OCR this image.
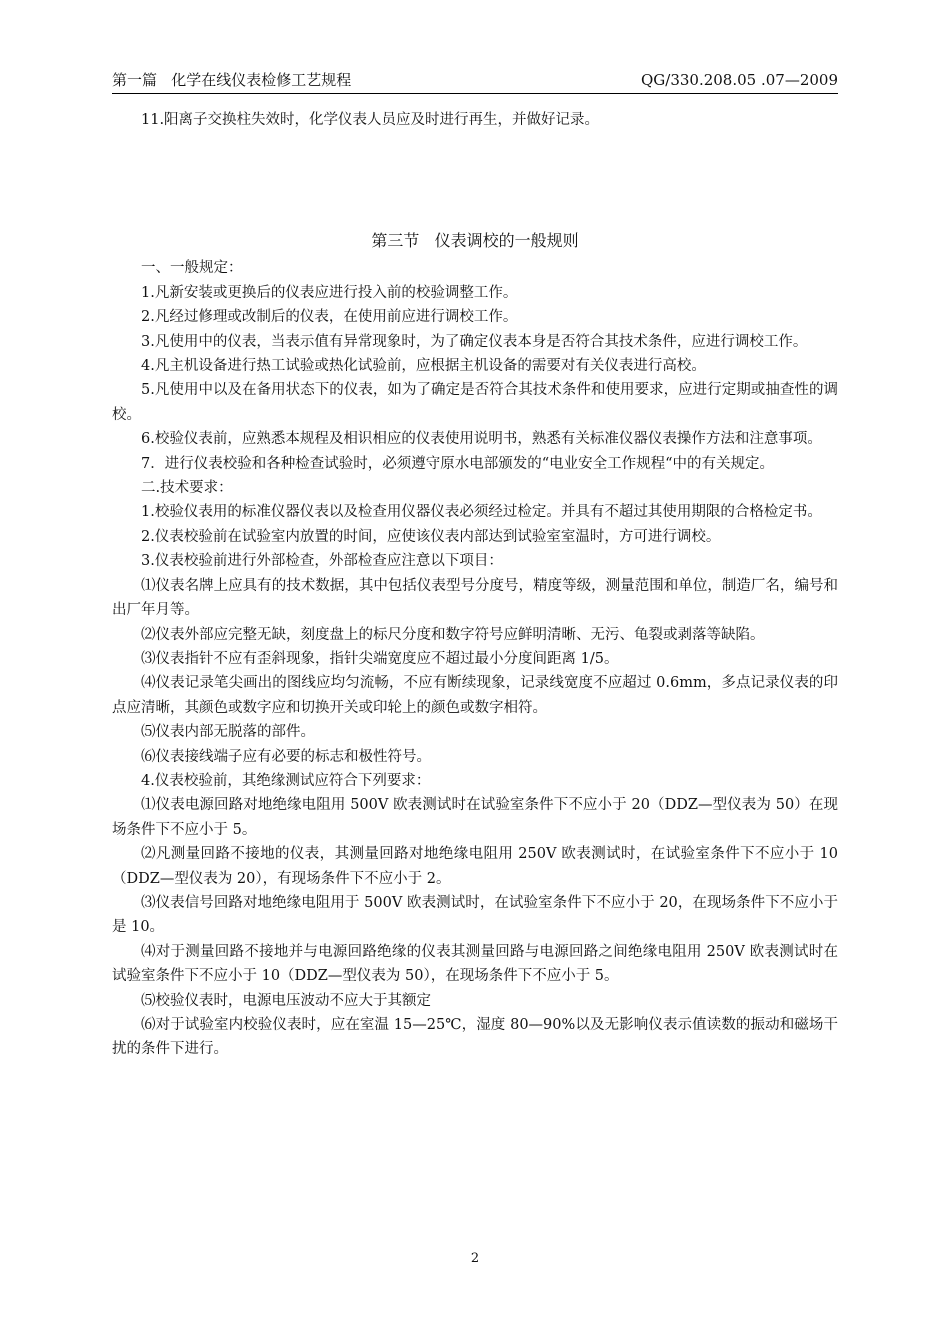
第一篇   化学在线仪表检修工艺规程	QG/330.208.05 .07—2009

11.阳离子交换柱失效时，化学仪表人员应及时进行再生，并做好记录。

第三节   仪表调校的一般规则

一、一般规定：

1.凡新安装或更换后的仪表应进行投入前的校验调整工作。

2.凡经过修理或改制后的仪表，在使用前应进行调校工作。

3.凡使用中的仪表，当表示值有异常现象时，为了确定仪表本身是否符合其技术条件，应进行调校工作。

4.凡主机设备进行热工试验或热化试验前，应根据主机设备的需要对有关仪表进行高校。

5.凡使用中以及在备用状态下的仪表，如为了确定是否符合其技术条件和使用要求，应进行定期或抽查性的调校。

6.校验仪表前，应熟悉本规程及相识相应的仪表使用说明书，熟悉有关标准仪器仪表操作方法和注意事项。

7．进行仪表校验和各种检查试验时，必须遵守原水电部颁发的“电业安全工作规程“中的有关规定。

二.技术要求：

1.校验仪表用的标准仪器仪表以及检查用仪器仪表必须经过检定。并具有不超过其使用期限的合格检定书。

2.仪表校验前在试验室内放置的时间，应使该仪表内部达到试验室室温时，方可进行调校。

3.仪表校验前进行外部检查，外部检查应注意以下项目：

⑴仪表名牌上应具有的技术数据，其中包括仪表型号分度号，精度等级，测量范围和单位，制造厂名，编号和出厂年月等。

⑵仪表外部应完整无缺，刻度盘上的标尺分度和数字符号应鲜明清晰、无污、龟裂或剥落等缺陷。

⑶仪表指针不应有歪斜现象，指针尖端宽度应不超过最小分度间距离 1/5。

⑷仪表记录笔尖画出的图线应均匀流畅，不应有断续现象，记录线宽度不应超过 0.6mm，多点记录仪表的印点应清晰，其颜色或数字应和切换开关或印轮上的颜色或数字相符。

⑸仪表内部无脱落的部件。

⑹仪表接线端子应有必要的标志和极性符号。

4.仪表校验前，其绝缘测试应符合下列要求：

⑴仪表电源回路对地绝缘电阻用 500V 欧表测试时在试验室条件下不应小于 20（DDZ—型仪表为 50）在现场条件下不应小于 5。

⑵凡测量回路不接地的仪表，其测量回路对地绝缘电阻用 250V 欧表测试时，在试验室条件下不应小于 10（DDZ—型仪表为 20），有现场条件下不应小于 2。

⑶仪表信号回路对地绝缘电阻用于 500V 欧表测试时，在试验室条件下不应小于 20，在现场条件下不应小于是 10。

⑷对于测量回路不接地并与电源回路绝缘的仪表其测量回路与电源回路之间绝缘电阻用 250V 欧表测试时在试验室条件下不应小于 10（DDZ—型仪表为 50），在现场条件下不应小于 5。

⑸校验仪表时，电源电压波动不应大于其额定

⑹对于试验室内校验仪表时，应在室温 15—25℃，湿度 80—90%以及无影响仪表示值读数的振动和磁场干扰的条件下进行。

2
